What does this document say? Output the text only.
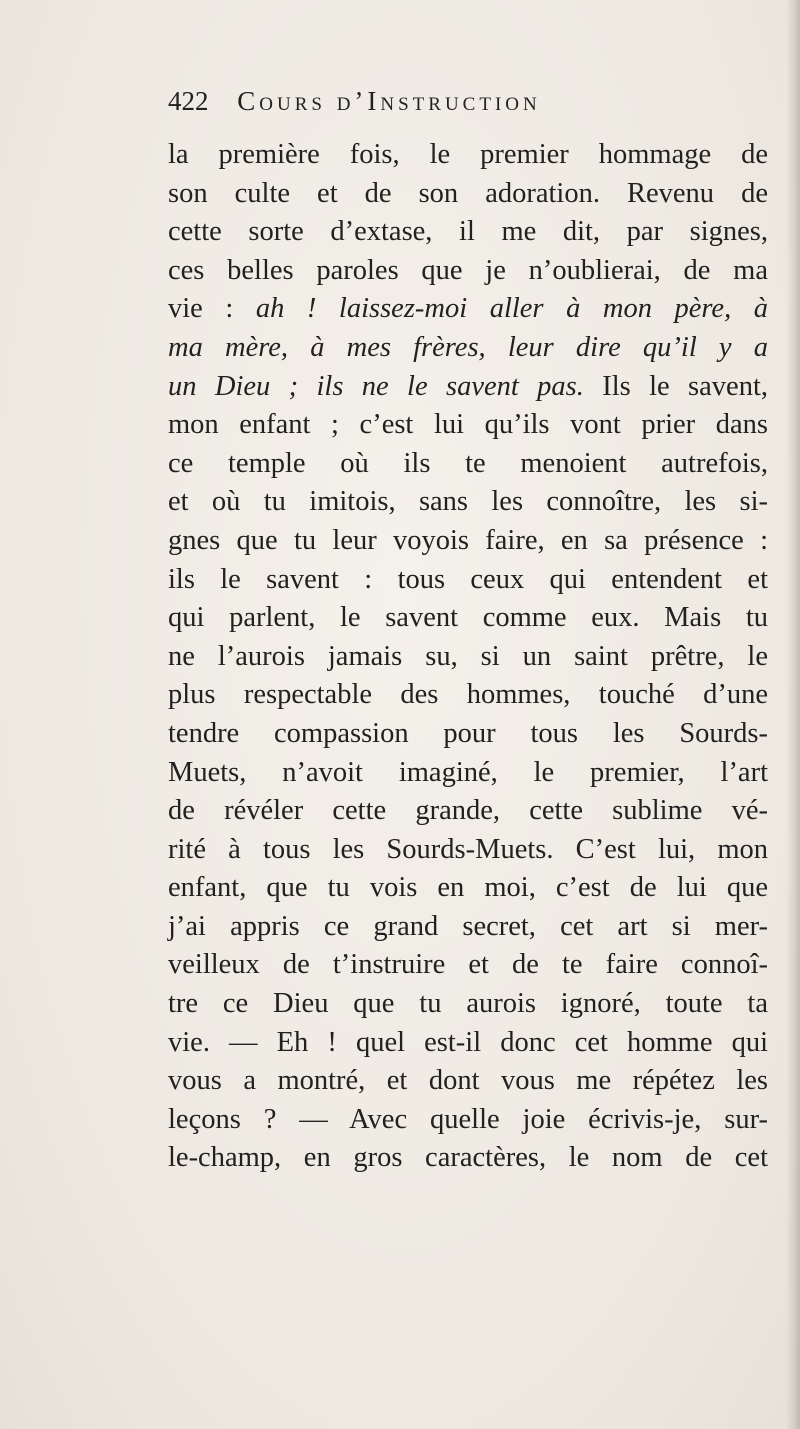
422 Cours d’Instruction
la première fois, le premier hommage de
son culte et de son adoration. Revenu de
cette sorte d’extase, il me dit, par signes,
ces belles paroles que je n’oublierai, de ma
vie : ah ! laissez-moi aller à mon père, à
ma mère, à mes frères, leur dire qu’il y a
un Dieu ; ils ne le savent pas. Ils le savent,
mon enfant ; c’est lui qu’ils vont prier dans
ce temple où ils te menoient autrefois,
et où tu imitois, sans les connoître, les si-
gnes que tu leur voyois faire, en sa présence :
ils le savent : tous ceux qui entendent et
qui parlent, le savent comme eux. Mais tu
ne l’aurois jamais su, si un saint prêtre, le
plus respectable des hommes, touché d’une
tendre compassion pour tous les Sourds-
Muets, n’avoit imaginé, le premier, l’art
de révéler cette grande, cette sublime vé-
rité à tous les Sourds-Muets. C’est lui, mon
enfant, que tu vois en moi, c’est de lui que
j’ai appris ce grand secret, cet art si mer-
veilleux de t’instruire et de te faire connoî-
tre ce Dieu que tu aurois ignoré, toute ta
vie. — Eh ! quel est-il donc cet homme qui
vous a montré, et dont vous me répétez les
leçons ? — Avec quelle joie écrivis-je, sur-
le-champ, en gros caractères, le nom de cet
